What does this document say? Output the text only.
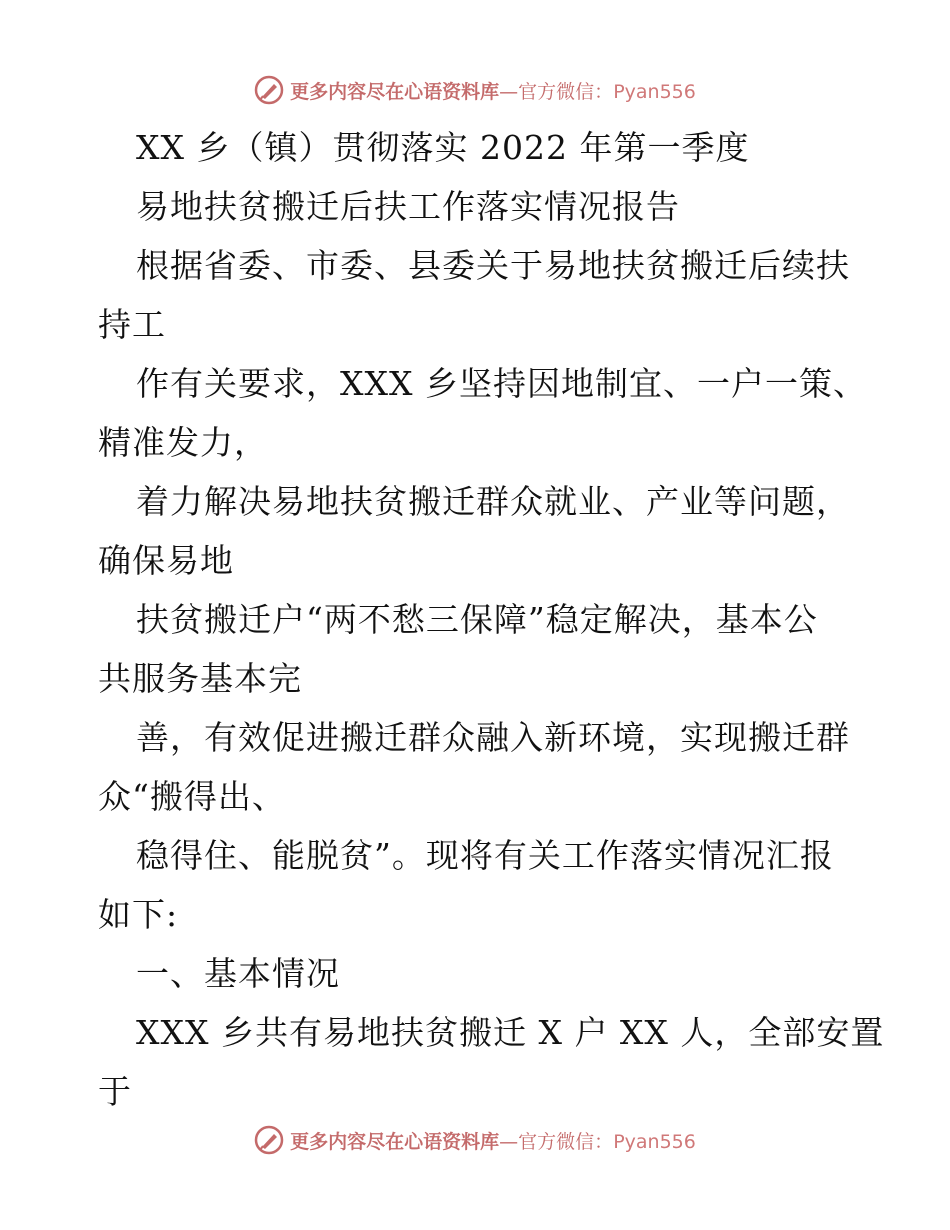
更多内容尽在心语资料库—官方微信：Pyan556
XX 乡（镇）贯彻落实 2022 年第一季度
易地扶贫搬迁后扶工作落实情况报告
根据省委、市委、县委关于易地扶贫搬迁后续扶
持工
作有关要求，XXX 乡坚持因地制宜、一户一策、
精准发力，
着力解决易地扶贫搬迁群众就业、产业等问题，
确保易地
扶贫搬迁户“两不愁三保障”稳定解决，基本公
共服务基本完
善，有效促进搬迁群众融入新环境，实现搬迁群
众“搬得出、
稳得住、能脱贫”。现将有关工作落实情况汇报
如下:
一、基本情况
XXX 乡共有易地扶贫搬迁 X 户 XX 人，全部安置
于
更多内容尽在心语资料库—官方微信：Pyan556
